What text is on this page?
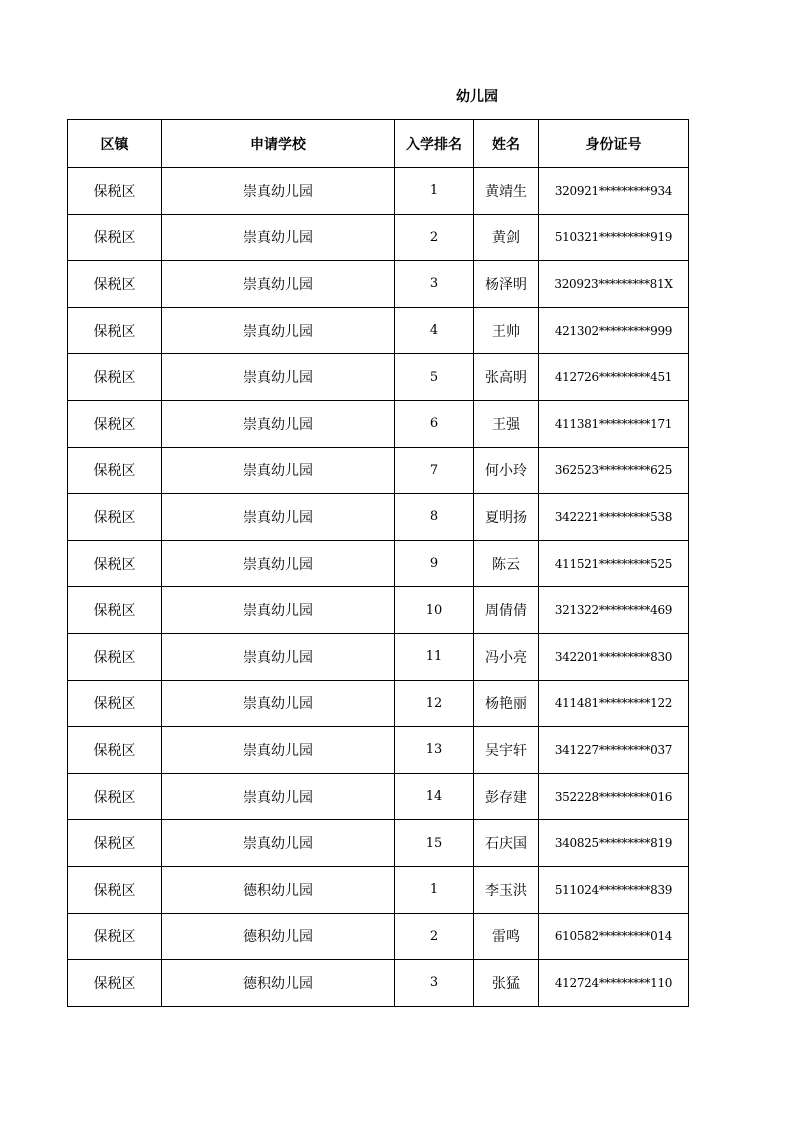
幼儿园
区镇	申请学校	入学排名	姓名	身份证号
保税区	崇真幼儿园	1	黄靖生	320921*********934
保税区	崇真幼儿园	2	黄剑	510321*********919
保税区	崇真幼儿园	3	杨泽明	320923*********81X
保税区	崇真幼儿园	4	王帅	421302*********999
保税区	崇真幼儿园	5	张高明	412726*********451
保税区	崇真幼儿园	6	王强	411381*********171
保税区	崇真幼儿园	7	何小玲	362523*********625
保税区	崇真幼儿园	8	夏明扬	342221*********538
保税区	崇真幼儿园	9	陈云	411521*********525
保税区	崇真幼儿园	10	周倩倩	321322*********469
保税区	崇真幼儿园	11	冯小亮	342201*********830
保税区	崇真幼儿园	12	杨艳丽	411481*********122
保税区	崇真幼儿园	13	吴宇轩	341227*********037
保税区	崇真幼儿园	14	彭存建	352228*********016
保税区	崇真幼儿园	15	石庆国	340825*********819
保税区	德积幼儿园	1	李玉洪	511024*********839
保税区	德积幼儿园	2	雷鸣	610582*********014
保税区	德积幼儿园	3	张猛	412724*********110
